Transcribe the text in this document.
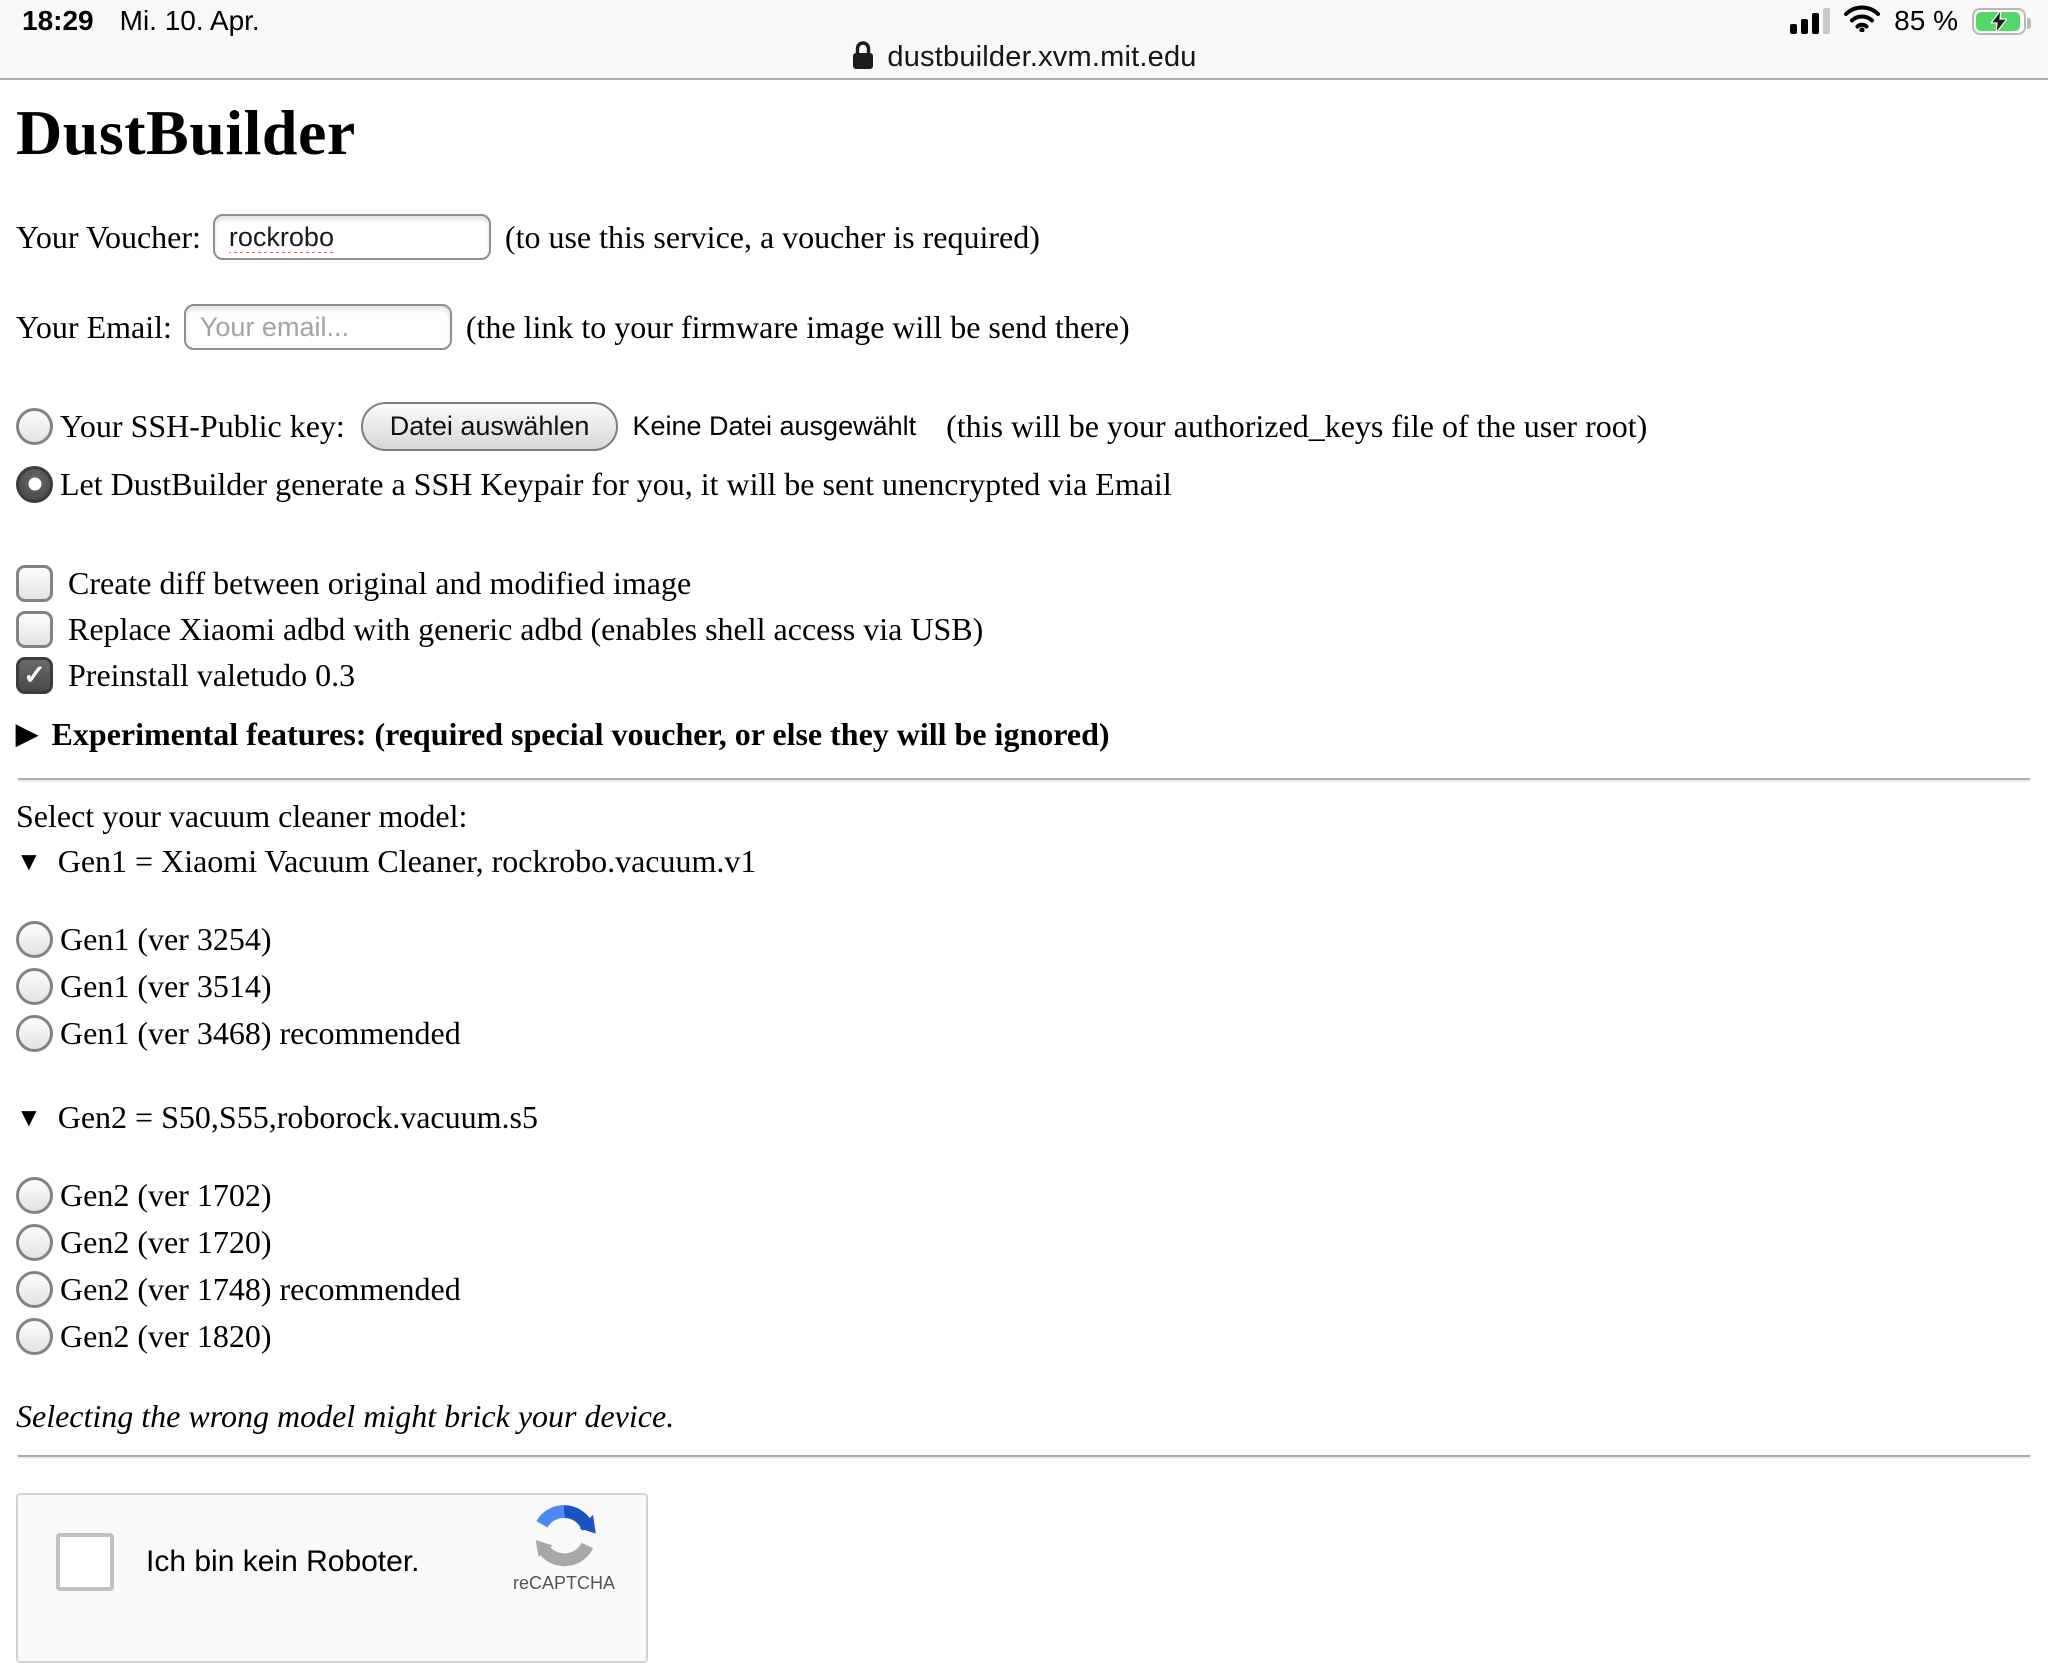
18:29 Mi. 10. Apr.	85 %
dustbuilder.xvm.mit.edu
DustBuilder
Your Voucher:
rockrobo	(to use this service, a voucher is required)
Your Email:
Your email...	(the link to your firmware image will be send there)
Your SSH-Public key:	Datei auswählen	Keine Datei ausgewählt (this will be your authorized_keys file of the user root)
Let DustBuilder generate a SSH Keypair for you, it will be sent unencrypted via Email
Create diff between original and modified image
Replace Xiaomi adbd with generic adbd (enables shell access via USB)
✓ Preinstall valetudo 0.3
▶ Experimental features: (required special voucher, or else they will be ignored)
Select your vacuum cleaner model:
▼ Gen1 = Xiaomi Vacuum Cleaner, rockrobo.vacuum.v1
Gen1 (ver 3254)
Gen1 (ver 3514)
Gen1 (ver 3468) recommended
▼ Gen2 = S50,S55,roborock.vacuum.s5
Gen2 (ver 1702)
Gen2 (ver 1720)
Gen2 (ver 1748) recommended
Gen2 (ver 1820)
Selecting the wrong model might brick your device.
Ich bin kein Roboter.
reCAPTCHA
